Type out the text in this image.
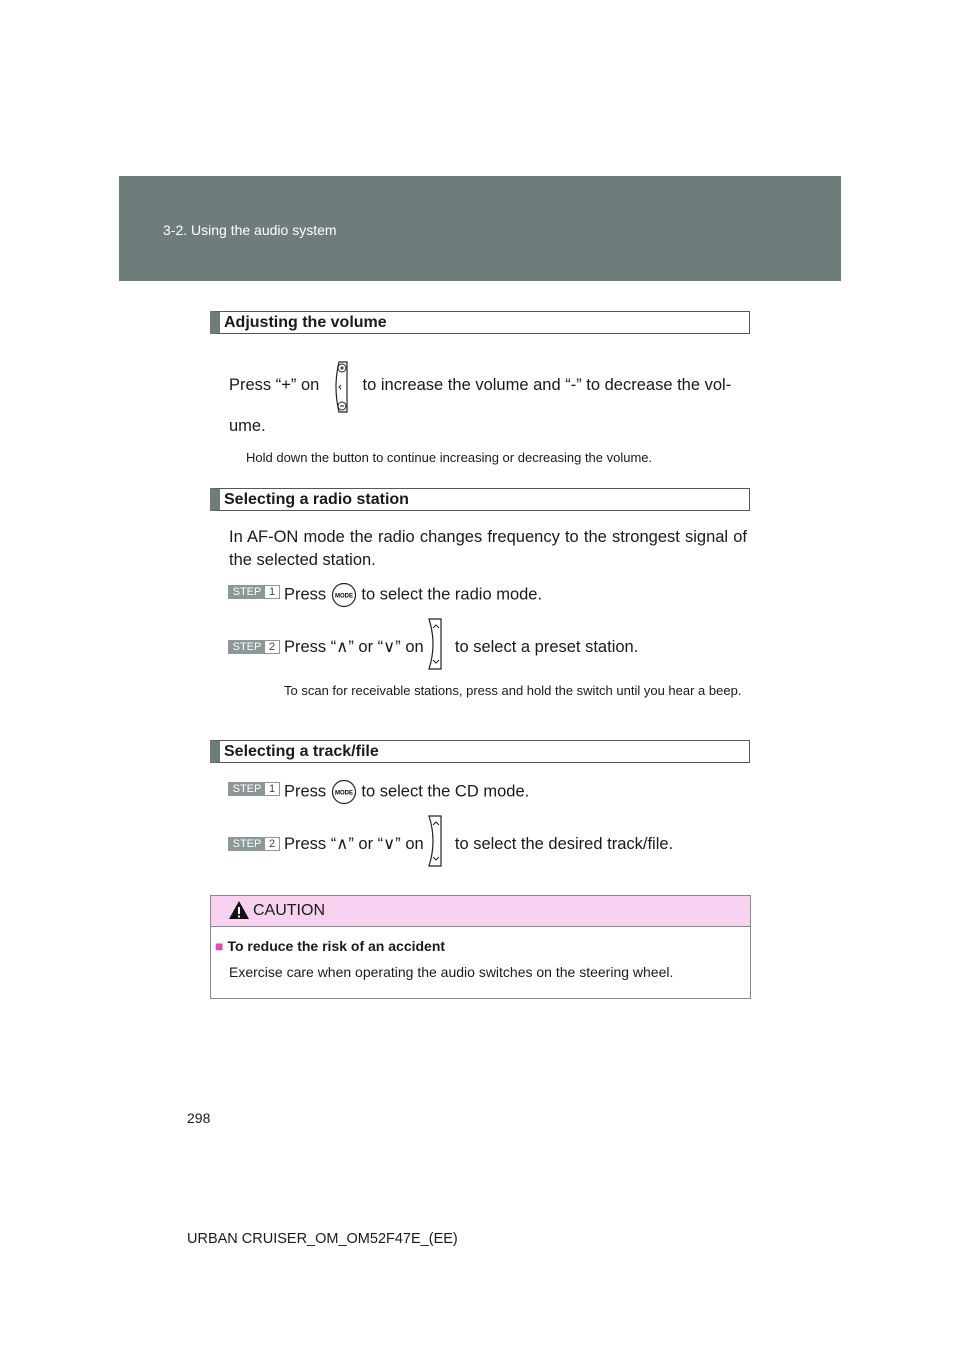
3-2. Using the audio system
Adjusting the volume
Press “+” on	to increase the volume and “-” to decrease the vol-
ume.
Hold down the button to continue increasing or decreasing the volume.
Selecting a radio station
In AF-ON mode the radio changes frequency to the strongest signal of the selected station.
STEP 1 Press MODE to select the radio mode.
STEP 2 Press “∧” or “∨” on to select a preset station.
To scan for receivable stations, press and hold the switch until you hear a beep.
Selecting a track/file
STEP 1 Press MODE to select the CD mode.
STEP 2 Press “∧” or “∨” on to select the desired track/file.
CAUTION
■ To reduce the risk of an accident
Exercise care when operating the audio switches on the steering wheel.
298
URBAN CRUISER_OM_OM52F47E_(EE)
